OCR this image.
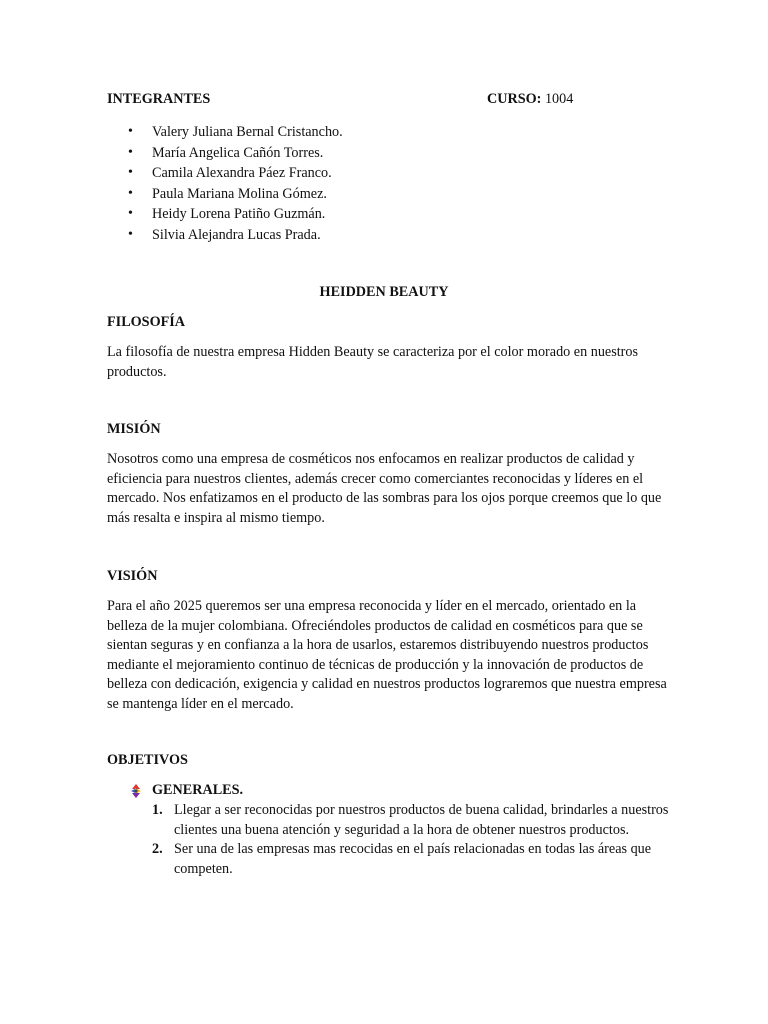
INTEGRANTES	CURSO: 1004
• Valery Juliana Bernal Cristancho.
• María Angelica Cañón Torres.
• Camila Alexandra Páez Franco.
• Paula Mariana Molina Gómez.
• Heidy Lorena Patiño Guzmán.
• Silvia Alejandra Lucas Prada.
HEIDDEN BEAUTY
FILOSOFÍA
La filosofía de nuestra empresa Hidden Beauty se caracteriza por el color morado en nuestros productos.
MISIÓN
Nosotros como una empresa de cosméticos nos enfocamos en realizar productos de calidad y eficiencia para nuestros clientes, además crecer como comerciantes reconocidas y líderes en el mercado. Nos enfatizamos en el producto de las sombras para los ojos porque creemos que lo que más resalta e inspira al mismo tiempo.
VISIÓN
Para el año 2025 queremos ser una empresa reconocida y líder en el mercado, orientado en la belleza de la mujer colombiana. Ofreciéndoles productos de calidad en cosméticos para que se sientan seguras y en confianza a la hora de usarlos, estaremos distribuyendo nuestros productos mediante el mejoramiento continuo de técnicas de producción y la innovación de productos de belleza con dedicación, exigencia y calidad en nuestros productos lograremos que nuestra empresa se mantenga líder en el mercado.
OBJETIVOS
GENERALES.
1. Llegar a ser reconocidas por nuestros productos de buena calidad, brindarles a nuestros clientes una buena atención y seguridad a la hora de obtener nuestros productos.
2. Ser una de las empresas mas recocidas en el país relacionadas en todas las áreas que competen.
